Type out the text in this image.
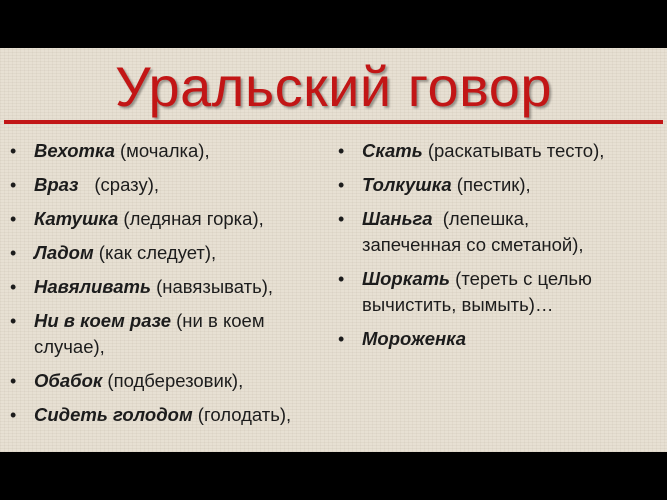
Уральский говор
• Вехотка (мочалка),
• Враз (сразу),
• Катушка (ледяная горка),
• Ладом (как следует),
• Навяливать (навязывать),
• Ни в коем разе (ни в коем случае),
• Обабок (подберезовик),
• Сидеть голодом (голодать),
• Скать (раскатывать тесто),
• Толкушка (пестик),
• Шаньга  (лепешка,
запеченная со сметаной),
• Шоркать (тереть с целью
вычистить, вымыть)…
• Мороженка
